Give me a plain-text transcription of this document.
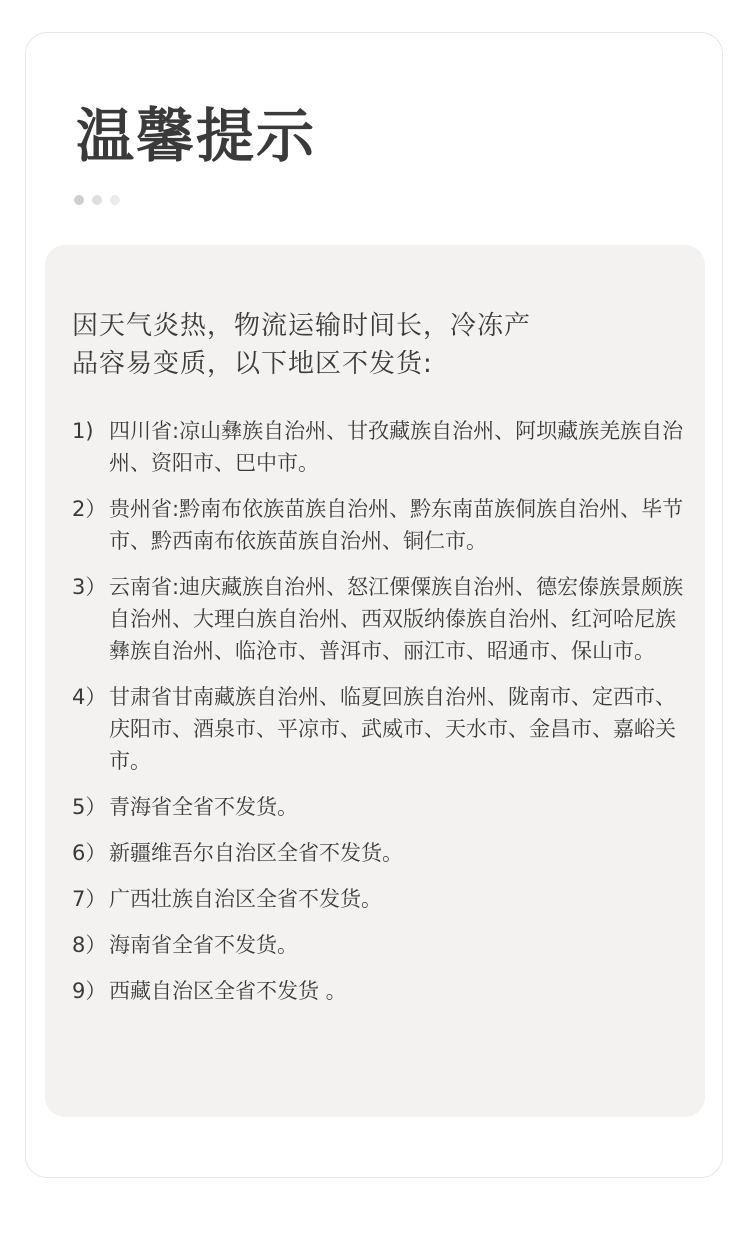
温馨提示

因天气炎热，物流运输时间长，冷冻产品容易变质，以下地区不发货:

1) 四川省:凉山彝族自治州、甘孜藏族自治州、阿坝藏族羌族自治州、资阳市、巴中市。
2） 贵州省:黔南布依族苗族自治州、黔东南苗族侗族自治州、毕节市、黔西南布依族苗族自治州、铜仁市。
3） 云南省:迪庆藏族自治州、怒江傈僳族自治州、德宏傣族景颇族自治州、大理白族自治州、西双版纳傣族自治州、红河哈尼族彝族自治州、临沧市、普洱市、丽江市、昭通市、保山市。
4） 甘肃省甘南藏族自治州、临夏回族自治州、陇南市、定西市、庆阳市、酒泉市、平凉市、武威市、天水市、金昌市、嘉峪关市。
5） 青海省全省不发货。
6） 新疆维吾尔自治区全省不发货。
7） 广西壮族自治区全省不发货。
8） 海南省全省不发货。
9） 西藏自治区全省不发货 。
